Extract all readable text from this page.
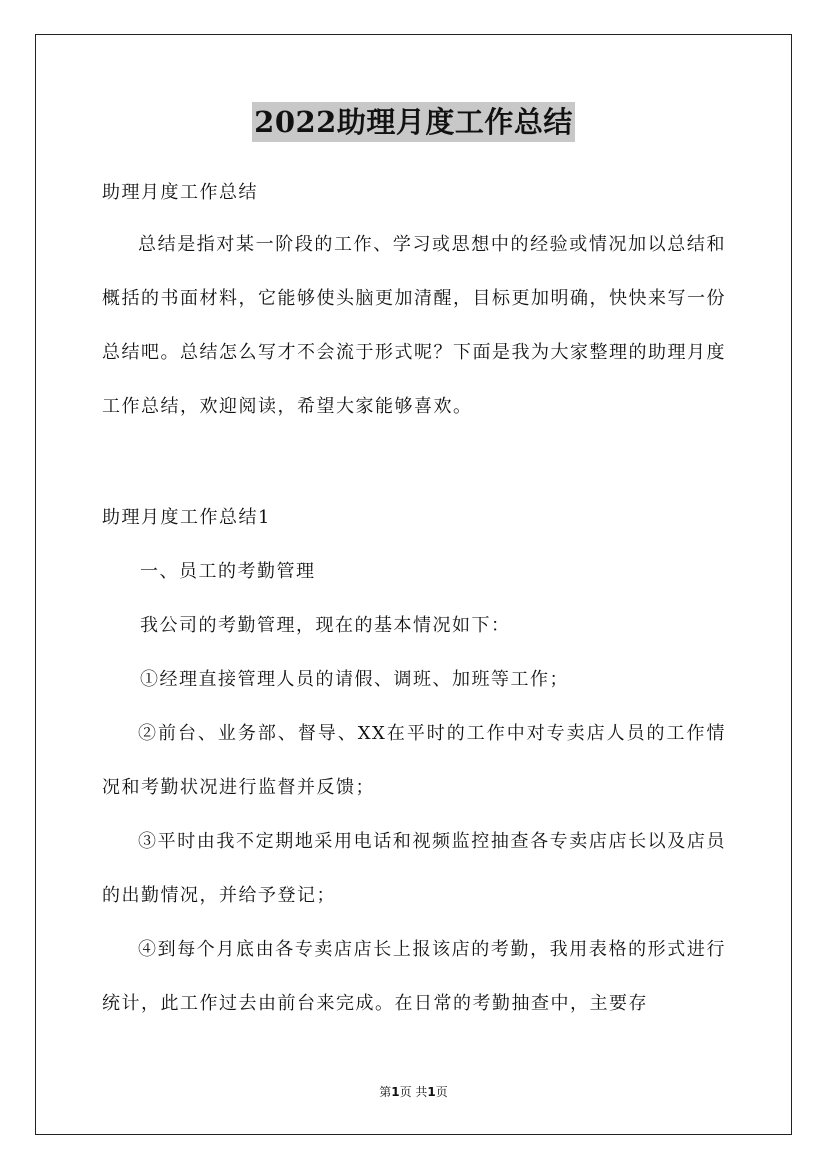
2022助理月度工作总结
助理月度工作总结

总结是指对某一阶段的工作、学习或思想中的经验或情况加以总结和概括的书面材料，它能够使头脑更加清醒，目标更加明确，快快来写一份总结吧。总结怎么写才不会流于形式呢？下面是我为大家整理的助理月度工作总结，欢迎阅读，希望大家能够喜欢。

助理月度工作总结1
一、员工的考勤管理
我公司的考勤管理，现在的基本情况如下：
①经理直接管理人员的请假、调班、加班等工作；

②前台、业务部、督导、XX在平时的工作中对专卖店人员的工作情况和考勤状况进行监督并反馈；

③平时由我不定期地采用电话和视频监控抽查各专卖店店长以及店员的出勤情况，并给予登记；

④到每个月底由各专卖店店长上报该店的考勤，我用表格的形式进行统计，此工作过去由前台来完成。在日常的考勤抽查中，主要存

第1页 共1页
